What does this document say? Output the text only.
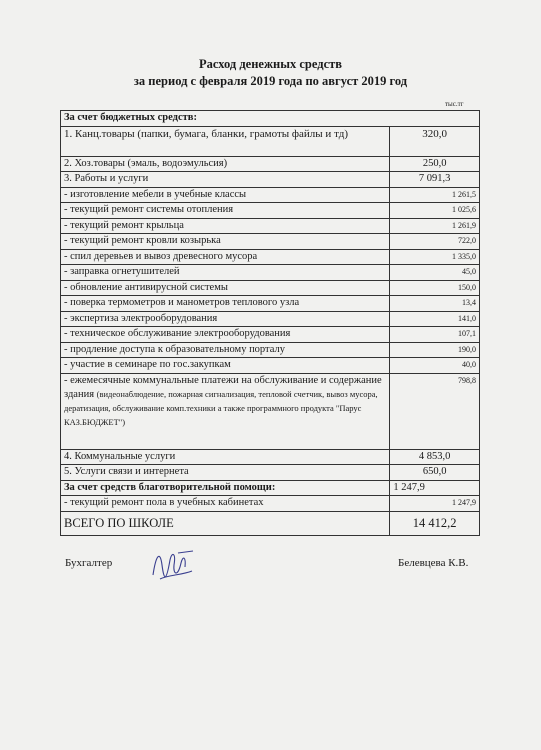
Расход денежных средств
за период с февраля 2019 года по август 2019 год
тыс.тг
За счет бюджетных средств:	
1. Канц.товары (папки, бумага, бланки, грамоты файлы и тд)	320,0
2. Хоз.товары (эмаль, водоэмульсия)	250,0
3. Работы и услуги	7 091,3
- изготовление мебели в учебные классы	1 261,5
- текущий ремонт системы отопления	1 025,6
- текущий ремонт крыльца	1 261,9
- текущий ремонт кровли козырька	722,0
- спил деревьев и вывоз древесного мусора	1 335,0
- заправка огнетушителей	45,0
- обновление антивирусной системы	150,0
- поверка термометров и манометров теплового узла	13,4
- экспертиза электрооборудования	141,0
- техническое обслуживание электрооборудования	107,1
- продление доступа к образовательному порталу	190,0
- участие в семинаре по гос.закупкам	40,0
- ежемесячные коммунальные платежи на обслуживание и содержание здания (видеонаблюдение, пожарная сигнализация, тепловой счетчик, вывоз мусора, дератизация, обслуживание комп.техники а также программного продукта "Парус КАЗ.БЮДЖЕТ")	798,8
4. Коммунальные услуги	4 853,0
5. Услуги связи и интернета	650,0
За счет средств благотворительной помощи:	1 247,9
- текущий ремонт пола в учебных кабинетах	1 247,9
ВСЕГО ПО ШКОЛЕ	14 412,2
Бухгалтер	Белевцева К.В.
